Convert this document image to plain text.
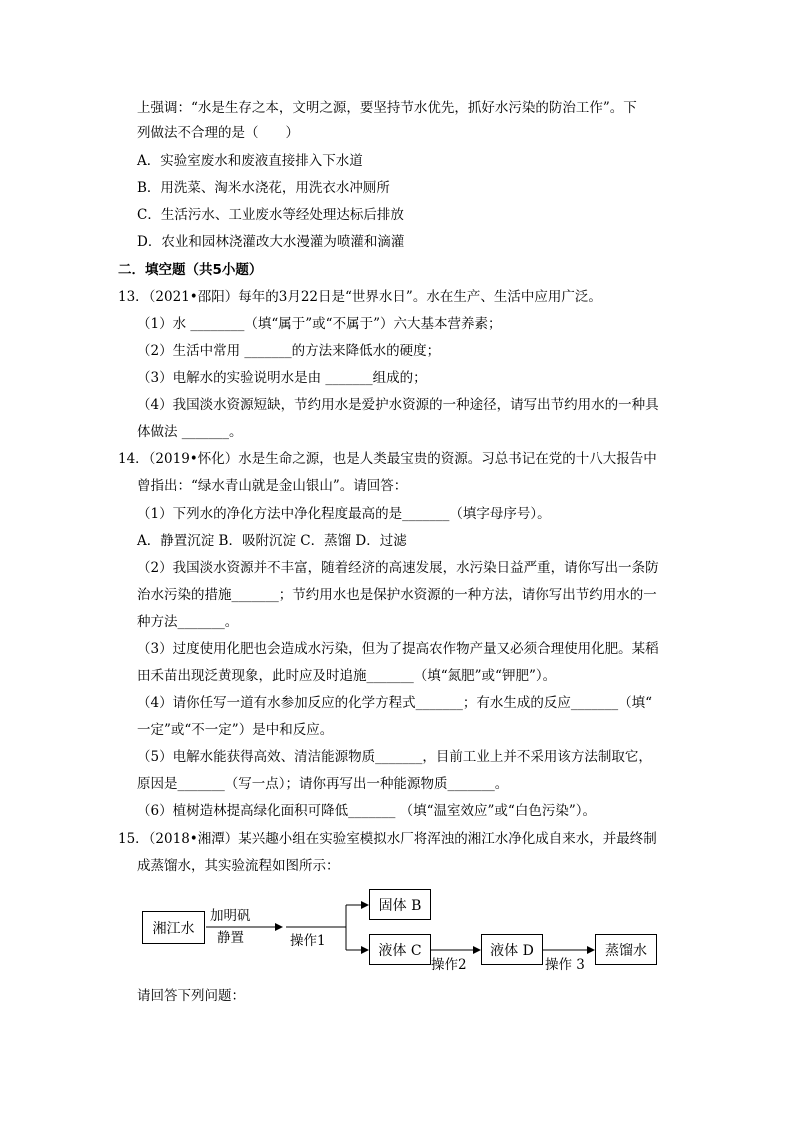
上强调：“水是生存之本，文明之源，要坚持节水优先，抓好水污染的防治工作”。下
列做法不合理的是（　　）
A．实验室废水和废液直接排入下水道
B．用洗菜、淘米水浇花，用洗衣水冲厕所
C．生活污水、工业废水等经处理达标后排放
D．农业和园林浇灌改大水漫灌为喷灌和滴灌
二．填空题（共5小题）
13．（2021•邵阳）每年的3月22日是“世界水日”。水在生产、生活中应用广泛。
（1）水 ________（填“属于”或“不属于”）六大基本营养素；
（2）生活中常用 _______的方法来降低水的硬度；
（3）电解水的实验说明水是由 _______组成的；
（4）我国淡水资源短缺，节约用水是爱护水资源的一种途径，请写出节约用水的一种具
体做法 _______。
14．（2019•怀化）水是生命之源，也是人类最宝贵的资源。习总书记在党的十八大报告中
曾指出：“绿水青山就是金山银山”。请回答：
（1）下列水的净化方法中净化程度最高的是_______（填字母序号）。
A．静置沉淀 B．吸附沉淀 C．蒸馏 D．过滤
（2）我国淡水资源并不丰富，随着经济的高速发展，水污染日益严重，请你写出一条防
治水污染的措施_______；节约用水也是保护水资源的一种方法，请你写出节约用水的一
种方法_______。
（3）过度使用化肥也会造成水污染，但为了提高农作物产量又必须合理使用化肥。某稻
田禾苗出现泛黄现象，此时应及时追施_______（填“氮肥”或“钾肥”）。
（4）请你任写一道有水参加反应的化学方程式_______；有水生成的反应_______（填“
一定”或“不一定”）是中和反应。
（5）电解水能获得高效、清洁能源物质_______，目前工业上并不采用该方法制取它，
原因是_______（写一点）；请你再写出一种能源物质_______。
（6）植树造林提高绿化面积可降低_______ （填“温室效应”或“白色污染”）。
15．（2018•湘潭）某兴趣小组在实验室模拟水厂将浑浊的湘江水净化成自来水，并最终制
成蒸馏水，其实验流程如图所示：
湘江水
加明矾
静置	操作1
固体 B
液体 C
操作2
液体 D
操作 3
蒸馏水
请回答下列问题：
